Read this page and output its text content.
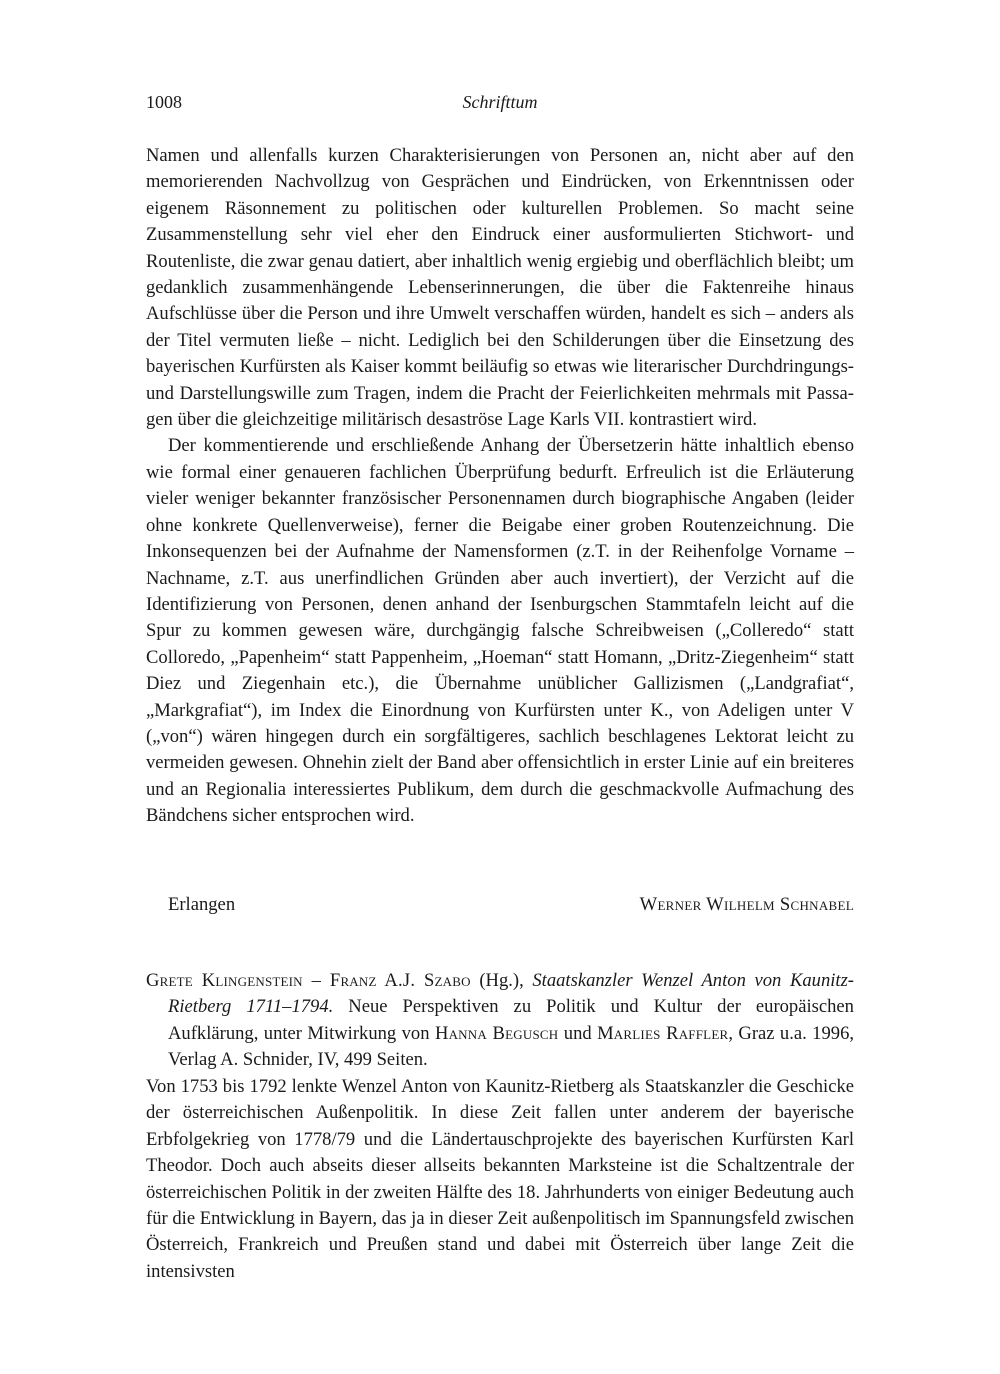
1008	Schrifttum

Namen und allenfalls kurzen Charakterisierungen von Personen an, nicht aber auf den memorierenden Nachvollzug von Gesprächen und Eindrücken, von Erkenntnissen oder eigenem Räsonnement zu politischen oder kulturellen Problemen. So macht seine Zusammenstellung sehr viel eher den Eindruck einer ausformulierten Stichwort- und Routenliste, die zwar genau datiert, aber inhaltlich wenig ergiebig und oberflächlich bleibt; um gedanklich zusammenhängende Lebenserinnerungen, die über die Faktenreihe hinaus Aufschlüsse über die Person und ihre Umwelt verschaffen würden, handelt es sich – anders als der Titel vermuten ließe – nicht. Lediglich bei den Schilderungen über die Einsetzung des bayerischen Kurfürsten als Kaiser kommt beiläufig so etwas wie literarischer Durchdringungs- und Darstellungswille zum Tragen, indem die Pracht der Feierlichkeiten mehrmals mit Passagen über die gleichzeitige militärisch desaströse Lage Karls VII. kontrastiert wird.

Der kommentierende und erschließende Anhang der Übersetzerin hätte inhaltlich ebenso wie formal einer genaueren fachlichen Überprüfung bedurft. Erfreulich ist die Erläuterung vieler weniger bekannter französischer Personennamen durch biographische Angaben (leider ohne konkrete Quellenverweise), ferner die Beigabe einer groben Routenzeichnung. Die Inkonsequenzen bei der Aufnahme der Namensformen (z.T. in der Reihenfolge Vorname – Nachname, z.T. aus unerfindlichen Gründen aber auch invertiert), der Verzicht auf die Identifizierung von Personen, denen anhand der Isenburgschen Stammtafeln leicht auf die Spur zu kommen gewesen wäre, durchgängig falsche Schreibweisen („Colleredo“ statt Colloredo, „Papenheim“ statt Pappenheim, „Hoeman“ statt Homann, „Dritz-Ziegenheim“ statt Diez und Ziegenhain etc.), die Übernahme unüblicher Gallizismen („Landgrafiat“, „Markgrafiat“), im Index die Einordnung von Kurfürsten unter K., von Adeligen unter V („von“) wären hingegen durch ein sorgfältigeres, sachlich beschlagenes Lektorat leicht zu vermeiden gewesen. Ohnehin zielt der Band aber offensichtlich in erster Linie auf ein breiteres und an Regionalia interessiertes Publikum, dem durch die geschmackvolle Aufmachung des Bändchens sicher entsprochen wird.

Erlangen	Werner Wilhelm Schnabel
Grete Klingenstein – Franz A.J. Szabo (Hg.), Staatskanzler Wenzel Anton von Kaunitz-Rietberg 1711–1794. Neue Perspektiven zu Politik und Kultur der europäischen Aufklärung, unter Mitwirkung von Hanna Begusch und Marlies Raffler, Graz u.a. 1996, Verlag A. Schnider, IV, 499 Seiten.

Von 1753 bis 1792 lenkte Wenzel Anton von Kaunitz-Rietberg als Staatskanzler die Geschicke der österreichischen Außenpolitik. In diese Zeit fallen unter anderem der bayerische Erbfolgekrieg von 1778/79 und die Ländertauschprojekte des bayerischen Kurfürsten Karl Theodor. Doch auch abseits dieser allseits bekannten Marksteine ist die Schaltzentrale der österreichischen Politik in der zweiten Hälfte des 18. Jahrhunderts von einiger Bedeutung auch für die Entwicklung in Bayern, das ja in dieser Zeit außenpolitisch im Spannungsfeld zwischen Österreich, Frankreich und Preußen stand und dabei mit Österreich über lange Zeit die intensivsten
